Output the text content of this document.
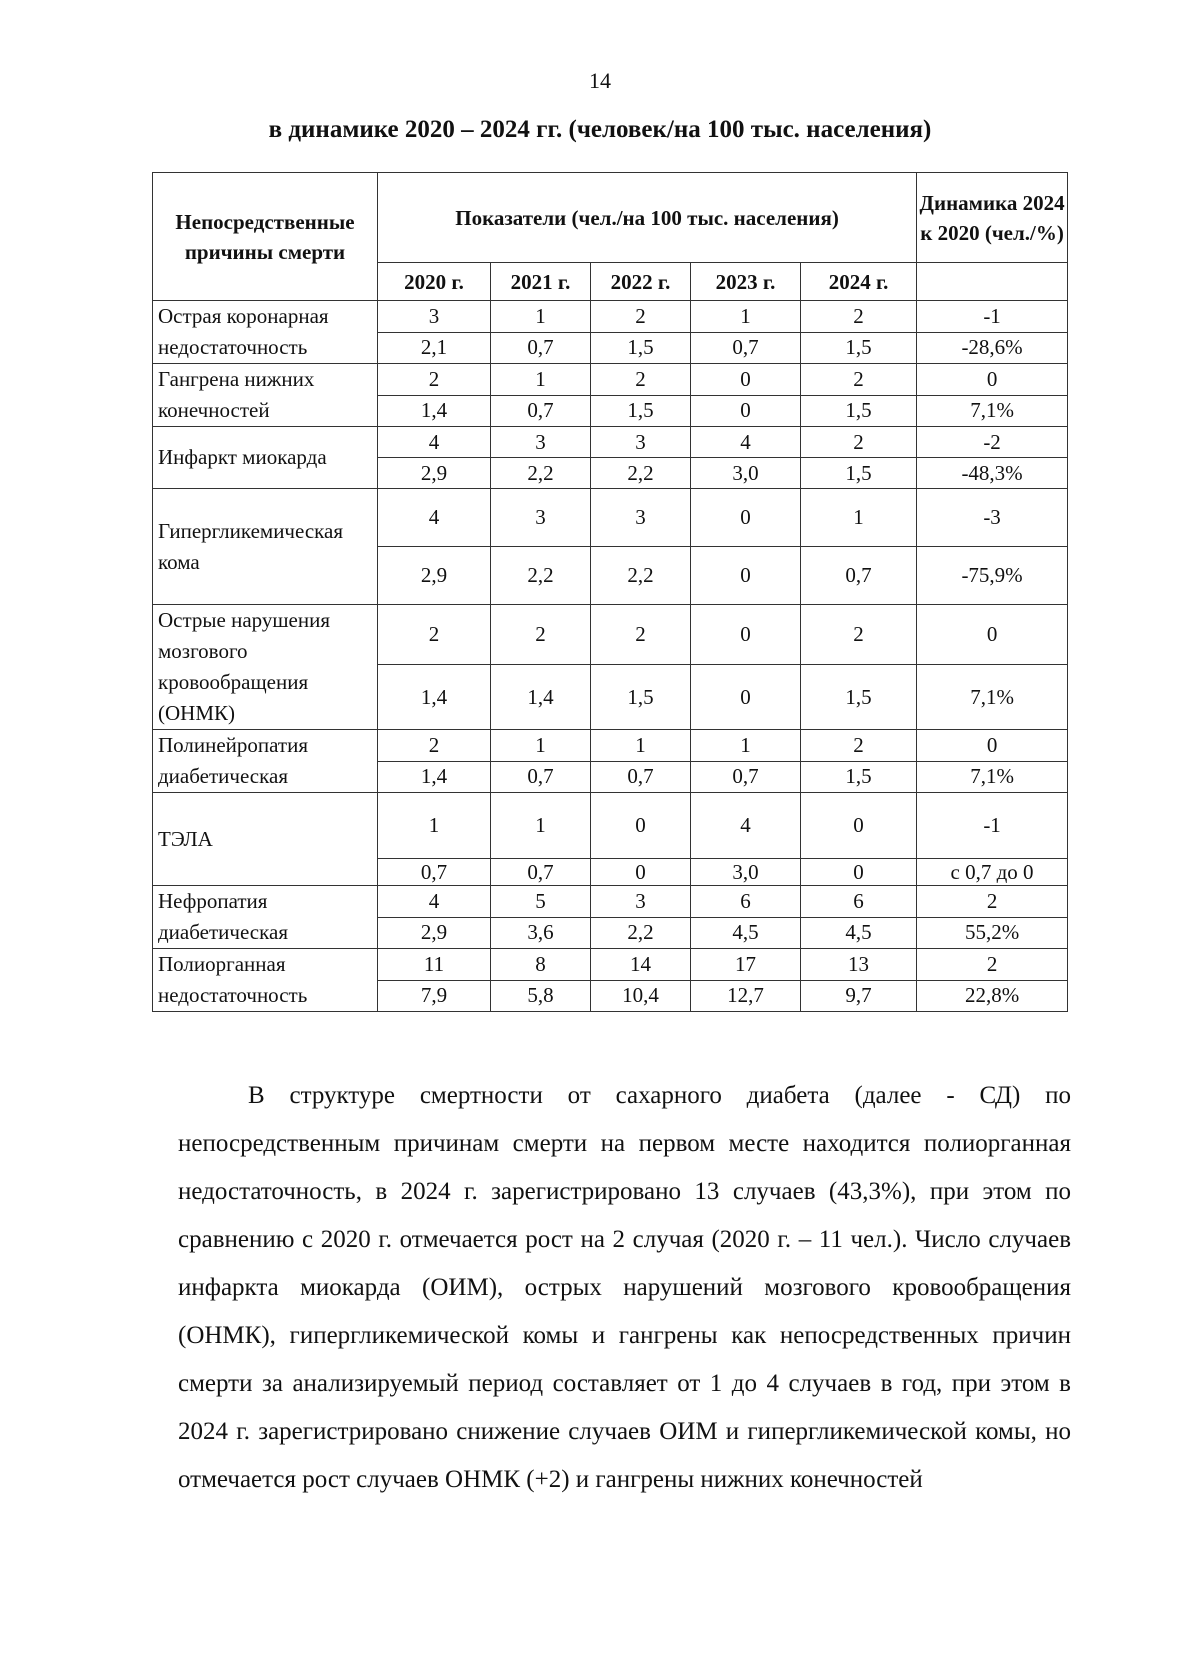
14
в динамике 2020 – 2024 гг. (человек/на 100 тыс. населения)
Непосредственные причины смерти	Показатели (чел./на 100 тыс. населения)					Динамика 2024 к 2020 (чел./%)
	2020 г.	2021 г.	2022 г.	2023 г.	2024 г.	
Острая коронарная недостаточность	3	1	2	1	2	-1
	2,1	0,7	1,5	0,7	1,5	-28,6%
Гангрена нижних конечностей	2	1	2	0	2	0
	1,4	0,7	1,5	0	1,5	7,1%
Инфаркт миокарда	4	3	3	4	2	-2
	2,9	2,2	2,2	3,0	1,5	-48,3%
Гипергликемическая кома	4	3	3	0	1	-3
	2,9	2,2	2,2	0	0,7	-75,9%
Острые нарушения мозгового кровообращения (ОНМК)	2	2	2	0	2	0
	1,4	1,4	1,5	0	1,5	7,1%
Полинейропатия диабетическая	2	1	1	1	2	0
	1,4	0,7	0,7	0,7	1,5	7,1%
ТЭЛА	1	1	0	4	0	-1
	0,7	0,7	0	3,0	0	с 0,7 до 0
Нефропатия диабетическая	4	5	3	6	6	2
	2,9	3,6	2,2	4,5	4,5	55,2%
Полиорганная недостаточность	11	8	14	17	13	2
	7,9	5,8	10,4	12,7	9,7	22,8%

В структуре смертности от сахарного диабета (далее - СД) по непосредственным причинам смерти на первом месте находится полиорганная недостаточность, в 2024 г. зарегистрировано 13 случаев (43,3%), при этом по сравнению с 2020 г. отмечается рост на 2 случая (2020 г. – 11 чел.). Число случаев инфаркта миокарда (ОИМ), острых нарушений мозгового кровообращения (ОНМК), гипергликемической комы и гангрены как непосредственных причин смерти за анализируемый период составляет от 1 до 4 случаев в год, при этом в 2024 г. зарегистрировано снижение случаев ОИМ и гипергликемической комы, но отмечается рост случаев ОНМК (+2) и гангрены нижних конечностей
